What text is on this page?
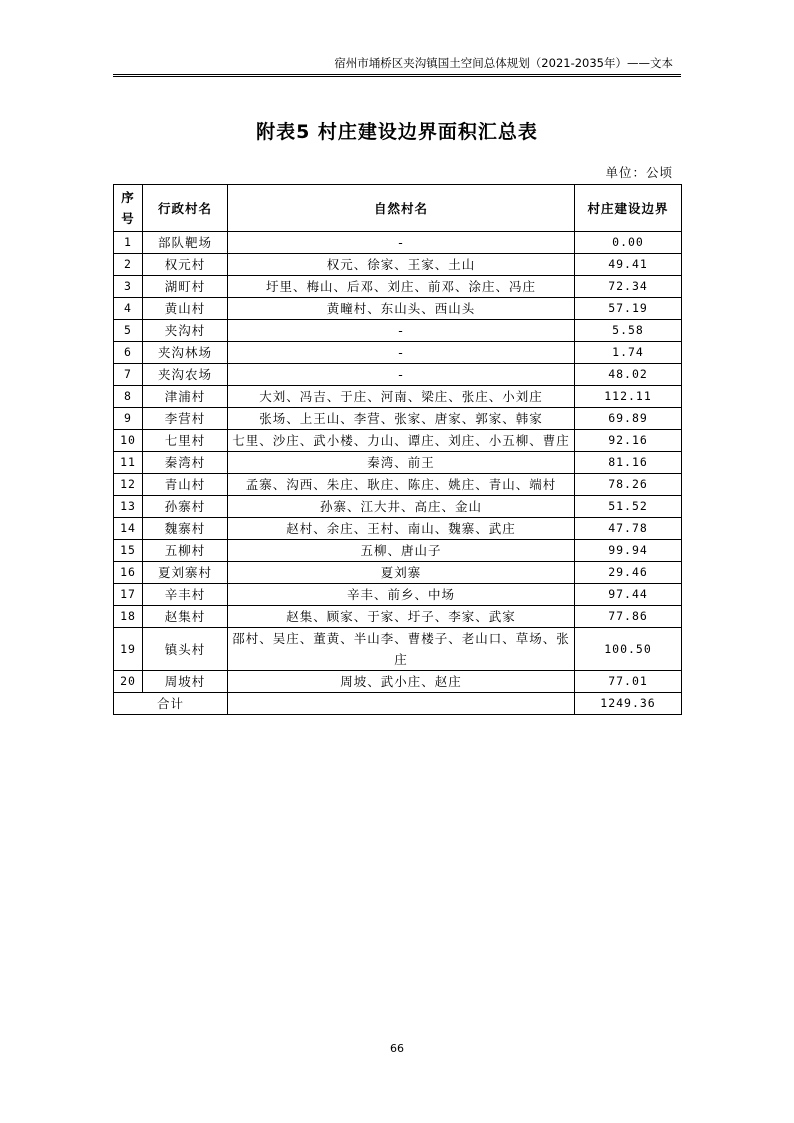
宿州市埇桥区夹沟镇国土空间总体规划（2021-2035年）——文本
附表5 村庄建设边界面积汇总表
单位：公顷
序号	行政村名	自然村名	村庄建设边界
1	部队靶场	-	0.00
2	权元村	权元、徐家、王家、土山	49.41
3	湖町村	圩里、梅山、后邓、刘庄、前邓、涂庄、冯庄	72.34
4	黄山村	黄疃村、东山头、西山头	57.19
5	夹沟村	-	5.58
6	夹沟林场	-	1.74
7	夹沟农场	-	48.02
8	津浦村	大刘、冯吉、于庄、河南、梁庄、张庄、小刘庄	112.11
9	李营村	张场、上王山、李营、张家、唐家、郭家、韩家	69.89
10	七里村	七里、沙庄、武小楼、力山、谭庄、刘庄、小五柳、曹庄	92.16
11	秦湾村	秦湾、前王	81.16
12	青山村	孟寨、沟西、朱庄、耿庄、陈庄、姚庄、青山、端村	78.26
13	孙寨村	孙寨、江大井、高庄、金山	51.52
14	魏寨村	赵村、余庄、王村、南山、魏寨、武庄	47.78
15	五柳村	五柳、唐山子	99.94
16	夏刘寨村	夏刘寨	29.46
17	辛丰村	辛丰、前乡、中场	97.44
18	赵集村	赵集、顾家、于家、圩子、李家、武家	77.86
19	镇头村	邵村、吴庄、董黄、半山李、曹楼子、老山口、草场、张庄	100.50
20	周坡村	周坡、武小庄、赵庄	77.01
合计			1249.36
66
